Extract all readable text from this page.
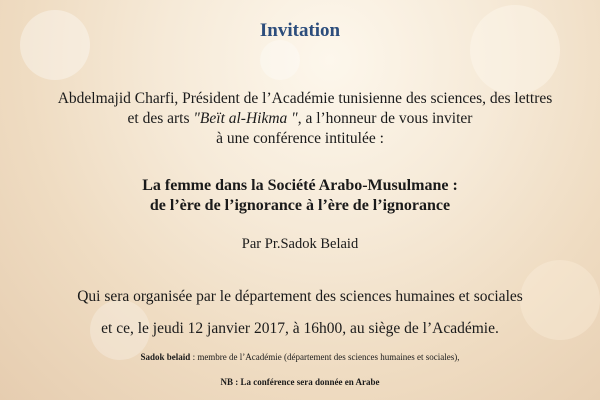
Invitation
Abdelmajid Charfi, Président de l’Académie tunisienne des sciences, des lettres
et des arts "Beït al-Hikma ", a l’honneur de vous inviter
à une conférence intitulée :
La femme dans la Société Arabo-Musulmane :
de l’ère de l’ignorance à l’ère de l’ignorance
Par Pr.Sadok Belaid
Qui sera organisée par le département des sciences humaines et sociales
et ce, le jeudi 12 janvier 2017, à 16h00, au siège de l’Académie.
Sadok belaid : membre de l’Académie (département des sciences humaines et sociales),
NB : La conférence sera donnée en Arabe
